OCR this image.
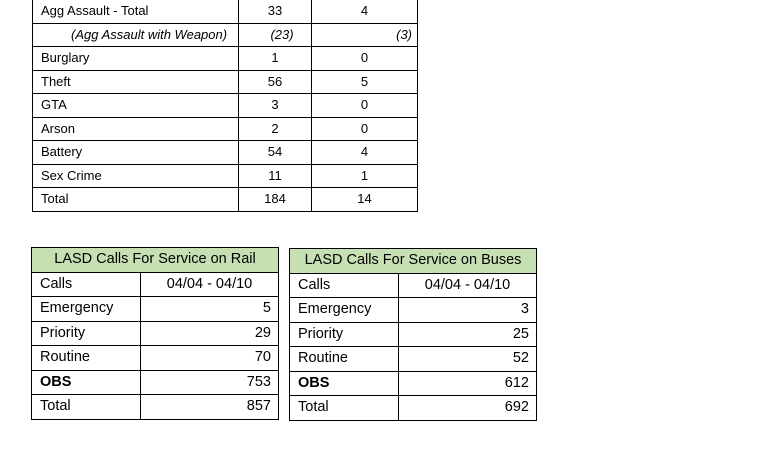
Agg Assault - Total	33	4
(Agg Assault with Weapon)	(23)	(3)
Burglary	1	0
Theft	56	5
GTA	3	0
Arson	2	0
Battery	54	4
Sex Crime	11	1
Total	184	14
LASD Calls For Service on Rail	
Calls	04/04 - 04/10
Emergency	5
Priority	29
Routine	70
OBS	753
Total	857
LASD Calls For Service on Buses	
Calls	04/04 - 04/10
Emergency	3
Priority	25
Routine	52
OBS	612
Total	692
